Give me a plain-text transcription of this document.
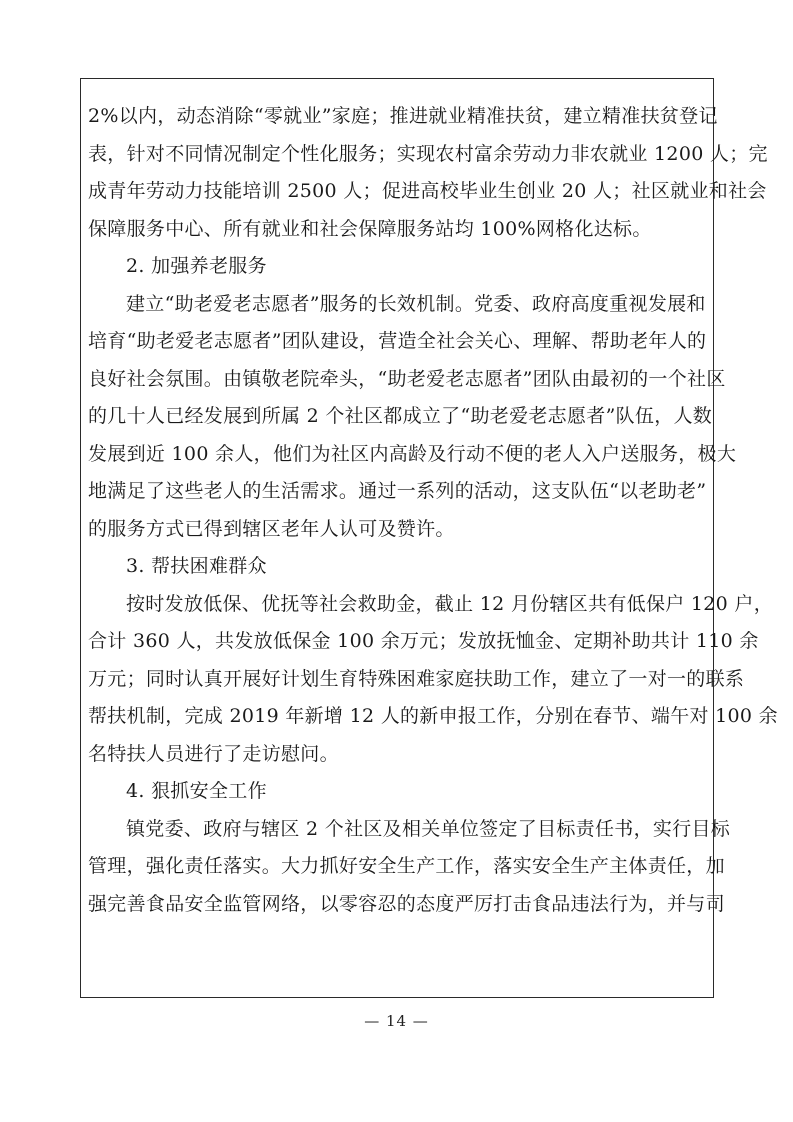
2%以内，动态消除“零就业”家庭；推进就业精准扶贫，建立精准扶贫登记
表，针对不同情况制定个性化服务；实现农村富余劳动力非农就业 1200 人；完
成青年劳动力技能培训 2500 人；促进高校毕业生创业 20 人；社区就业和社会
保障服务中心、所有就业和社会保障服务站均 100%网格化达标。
2. 加强养老服务
建立“助老爱老志愿者”服务的长效机制。党委、政府高度重视发展和
培育“助老爱老志愿者”团队建设，营造全社会关心、理解、帮助老年人的
良好社会氛围。由镇敬老院牵头，“助老爱老志愿者”团队由最初的一个社区
的几十人已经发展到所属 2 个社区都成立了“助老爱老志愿者”队伍，人数
发展到近 100 余人，他们为社区内高龄及行动不便的老人入户送服务，极大
地满足了这些老人的生活需求。通过一系列的活动，这支队伍“以老助老”
的服务方式已得到辖区老年人认可及赞许。
3. 帮扶困难群众
按时发放低保、优抚等社会救助金，截止 12 月份辖区共有低保户 120 户，
合计 360 人，共发放低保金 100 余万元；发放抚恤金、定期补助共计 110 余
万元；同时认真开展好计划生育特殊困难家庭扶助工作，建立了一对一的联系
帮扶机制，完成 2019 年新增 12 人的新申报工作，分别在春节、端午对 100 余
名特扶人员进行了走访慰问。
4. 狠抓安全工作
镇党委、政府与辖区 2 个社区及相关单位签定了目标责任书，实行目标
管理，强化责任落实。大力抓好安全生产工作，落实安全生产主体责任，加
强完善食品安全监管网络，以零容忍的态度严厉打击食品违法行为，并与司
— 14 —
